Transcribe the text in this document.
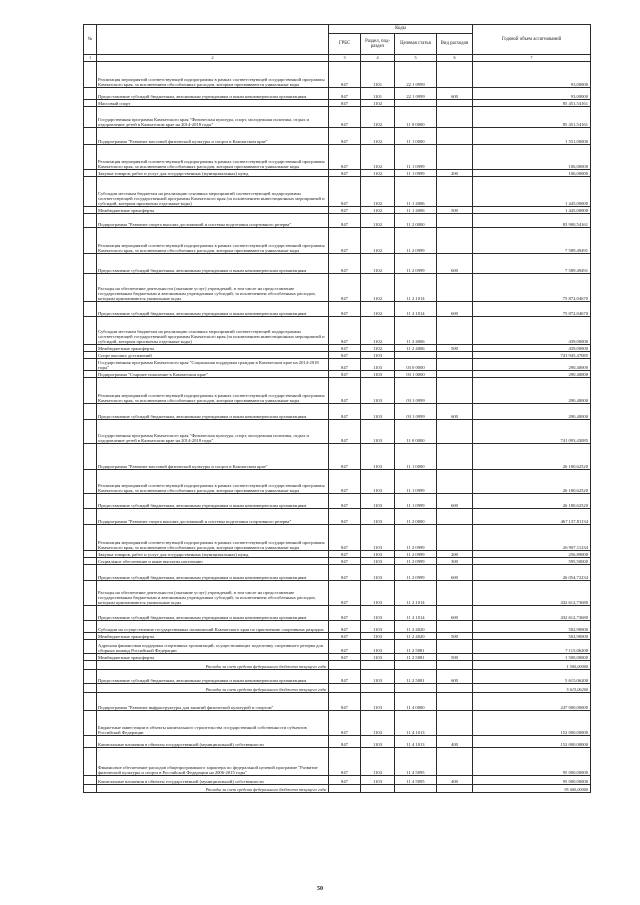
№		Коды				Годовой объем ассигнований
		ГРБС	Раздел, под-раздел	Целевая статья	Вид расходов	
1	2	3	4	5	6	7
	Реализация мероприятий соответствующей подпрограммы в рамках соответствующей государственной программы Камчатского края, за исключением обособленных расходов, которым присваиваются уникальные коды	847	1101	22 1 0999		93,00000
	Предоставление субсидий бюджетным, автономным учреждениям и иным некоммерческим организациям	847	1101	22 1 0999	600	93,00000
	Массовый спорт	847	1102			85 451,54161
	Государственная программа Камчатского края "Физическая культура, спорт, молодежная политика, отдых и оздоровление детей в Камчатском крае на 2014-2018 годы"	847	1102	11 0 0000		85 451,54161
	Подпрограмма "Развитие массовой физической культуры и спорта в Камчатском крае"	847	1102	11 1 0000		1 551,00000
	Реализация мероприятий соответствующей подпрограммы в рамках соответствующей государственной программы Камчатского края, за исключением обособленных расходов, которым присваиваются уникальные коды	847	1102	11 1 0999		106,00000
	Закупка товаров, работ и услуг для государственных (муниципальных) нужд	847	1102	11 1 0999	200	106,00000
	Субсидии местным бюджетам на реализацию основных мероприятий соответствующей подпрограммы соответствующей государственной программы Камчатского края (за исключением инвестиционных мероприятий и субсидий, которым присвоены отдельные коды)	847	1102	11 1 4006		1 445,00000
	Межбюджетные трансферты	847	1102	11 1 4006	500	1 445,00000
	Подпрограмма "Развитие спорта высших достижений и системы подготовки спортивного резерва"	847	1102	11 2 0000		83 900,54161
	Реализация мероприятий соответствующей подпрограммы в рамках соответствующей государственной программы Камчатского края, за исключением обособленных расходов, которым присваиваются уникальные коды	847	1102	11 2 0999		7 589,49491
	Предоставление субсидий бюджетным, автономным учреждениям и иным некоммерческим организациям	847	1102	11 2 0999	600	7 589,49491
	Расходы на обеспечение деятельности (оказание услуг) учреждений, в том числе на предоставление государственным бюджетным и автономным учреждениям субсидий, за исключением обособленных расходов, которым присваиваются уникальные коды	847	1102	11 2 1014		75 872,04670
	Предоставление субсидий бюджетным, автономным учреждениям и иным некоммерческим организациям	847	1102	11 2 1014	600	75 872,04670
	Субсидии местным бюджетам на реализацию основных мероприятий соответствующей подпрограммы соответствующей государственной программы Камчатского края (за исключением инвестиционных мероприятий и субсидий, которым присвоены отдельные коды)	847	1102	11 2 4006		439,00000
	Межбюджетные трансферты	847	1102	11 2 4006	500	439,00000
	Спорт высших достижений	847	1103			741 945,47085
	Государственная программа Камчатского края "Социальная поддержка граждан в Камчатском крае на 2014-2018 годы"	847	1103	03 0 0000		290,40000
	Подпрограмма "Старшее поколение в Камчатском крае"	847	1103	03 1 0000		290,40000
	Реализация мероприятий соответствующей подпрограммы в рамках соответствующей государственной программы Камчатского края, за исключением обособленных расходов, которым присваиваются уникальные коды	847	1103	03 1 0999		290,40000
	Предоставление субсидий бюджетным, автономным учреждениям и иным некоммерческим организациям	847	1103	03 1 0999	600	290,40000
	Государственная программа Камчатского края "Физическая культура, спорт, молодежная политика, отдых и оздоровление детей в Камчатском крае на 2014-2018 годы"	847	1103	11 0 0000		741 093,43085
	Подпрограмма "Развитие массовой физической культуры и спорта в Камчатском крае"	847	1103	11 1 0000		26 180,62520
	Реализация мероприятий соответствующей подпрограммы в рамках соответствующей государственной программы Камчатского края, за исключением обособленных расходов, которым присваиваются уникальные коды	847	1103	11 1 0999		26 180,62520
	Предоставление субсидий бюджетным, автономным учреждениям и иным некоммерческим организациям	847	1103	11 1 0999	600	26 180,62520
	Подпрограмма "Развитие спорта высших достижений и системы подготовки спортивного резерва"	847	1103	11 2 0000		467 137,81134
	Реализация мероприятий соответствующей подпрограммы в рамках соответствующей государственной программы Камчатского края, за исключением обособленных расходов, которым присваиваются уникальные коды	847	1103	11 2 0999		26 907,11234
	Закупка товаров, работ и услуг для государственных (муниципальных) нужд	847	1103	11 2 0999	200	256,89000
	Социальное обеспечение и иные выплаты населению	847	1103	11 2 0999	300	595,50000
	Предоставление субсидий бюджетным, автономным учреждениям и иным некоммерческим организациям	847	1103	11 2 0999	600	26 054,72234
	Расходы на обеспечение деятельности (оказание услуг) учреждений, в том числе на предоставление государственным бюджетным и автономным учреждениям субсидий, за исключением обособленных расходов, которым присваиваются уникальные коды	847	1103	11 2 1014		432 612,73680
	Предоставление субсидий бюджетным, автономным учреждениям и иным некоммерческим организациям	847	1103	11 2 1014	600	432 612,73680
	Субсидии на осуществление государственных полномочий Камчатского края по присвоению спортивных разрядов	847	1103	11 2 4020		502,90000
	Межбюджетные трансферты	847	1103	11 2 4020	500	502,90000
	Адресная финансовая поддержка спортивных организаций, осуществляющих подготовку спортивного резерва для сборных команд Российской Федерации	847	1103	11 2 5081		7 115,06200
	Межбюджетные трансферты	847	1103	11 2 5081	500	1 500,00000
	Расходы за счет средств федерального бюджета текущего года					1 500,00000
	Предоставление субсидий бюджетным, автономным учреждениям и иным некоммерческим организациям	847	1103	11 2 5081	600	5 615,06200
	Расходы за счет средств федерального бюджета текущего года					5 615,06200
	Подпрограмма "Развитие инфраструктуры для занятий физической культурой и спортом"	847	1103	11 4 0000		247 000,00000
	Бюджетные инвестиции в объекты капитального строительства государственной собственности субъектов Российской Федерации	847	1103	11 4 1013		152 000,00000
	Капитальные вложения в объекты государственной (муниципальной) собственности	847	1103	11 4 1013	400	152 000,00000
	Финансовое обеспечение расходов общепрограммного характера по федеральной целевой программе "Развитие физической культуры и спорта в Российской Федерации на 2006-2015 годы"	847	1103	11 4 5095		95 000,00000
	Капитальные вложения в объекты государственной (муниципальной) собственности	847	1103	11 4 5095	400	95 000,00000
	Расходы за счет средств федерального бюджета текущего года					95 000,00000
50
